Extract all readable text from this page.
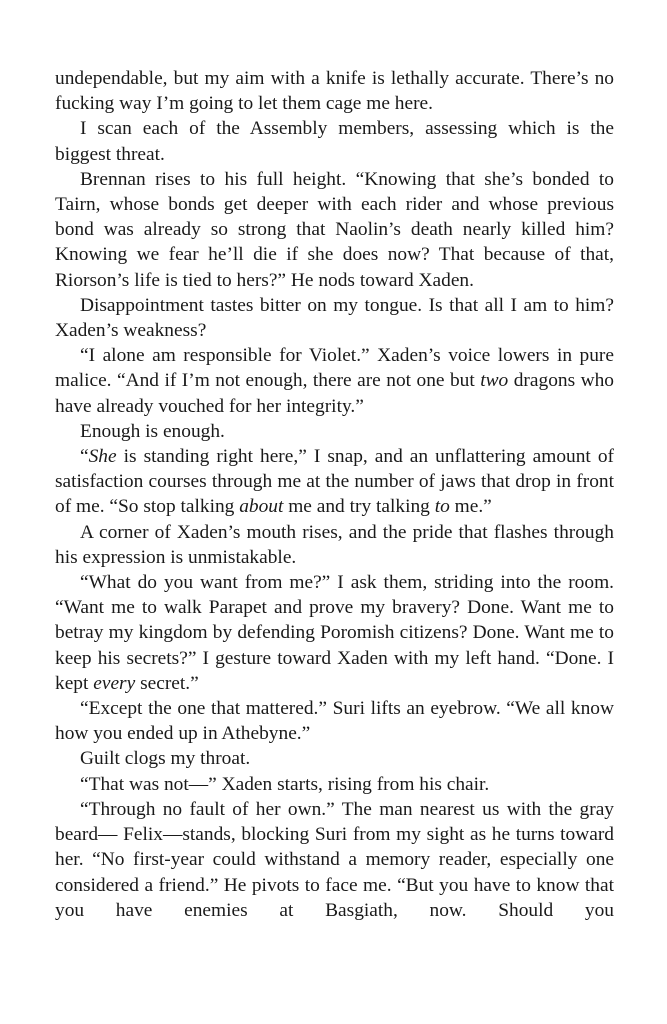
undependable, but my aim with a knife is lethally accurate. There’s no fucking way I’m going to let them cage me here.

I scan each of the Assembly members, assessing which is the biggest threat.

Brennan rises to his full height. “Knowing that she’s bonded to Tairn, whose bonds get deeper with each rider and whose previous bond was already so strong that Naolin’s death nearly killed him? Knowing we fear he’ll die if she does now? That because of that, Riorson’s life is tied to hers?” He nods toward Xaden.

Disappointment tastes bitter on my tongue. Is that all I am to him? Xaden’s weakness?

“I alone am responsible for Violet.” Xaden’s voice lowers in pure malice. “And if I’m not enough, there are not one but two dragons who have already vouched for her integrity.”

Enough is enough.

“She is standing right here,” I snap, and an unflattering amount of satisfaction courses through me at the number of jaws that drop in front of me. “So stop talking about me and try talking to me.”

A corner of Xaden’s mouth rises, and the pride that flashes through his expression is unmistakable.

“What do you want from me?” I ask them, striding into the room. “Want me to walk Parapet and prove my bravery? Done. Want me to betray my kingdom by defending Poromish citizens? Done. Want me to keep his secrets?” I gesture toward Xaden with my left hand. “Done. I kept every secret.”

“Except the one that mattered.” Suri lifts an eyebrow. “We all know how you ended up in Athebyne.”

Guilt clogs my throat.

“That was not—” Xaden starts, rising from his chair.

“Through no fault of her own.” The man nearest us with the gray beard— Felix—stands, blocking Suri from my sight as he turns toward her. “No first-year could withstand a memory reader, especially one considered a friend.” He pivots to face me. “But you have to know that you have enemies at Basgiath, now. Should you
